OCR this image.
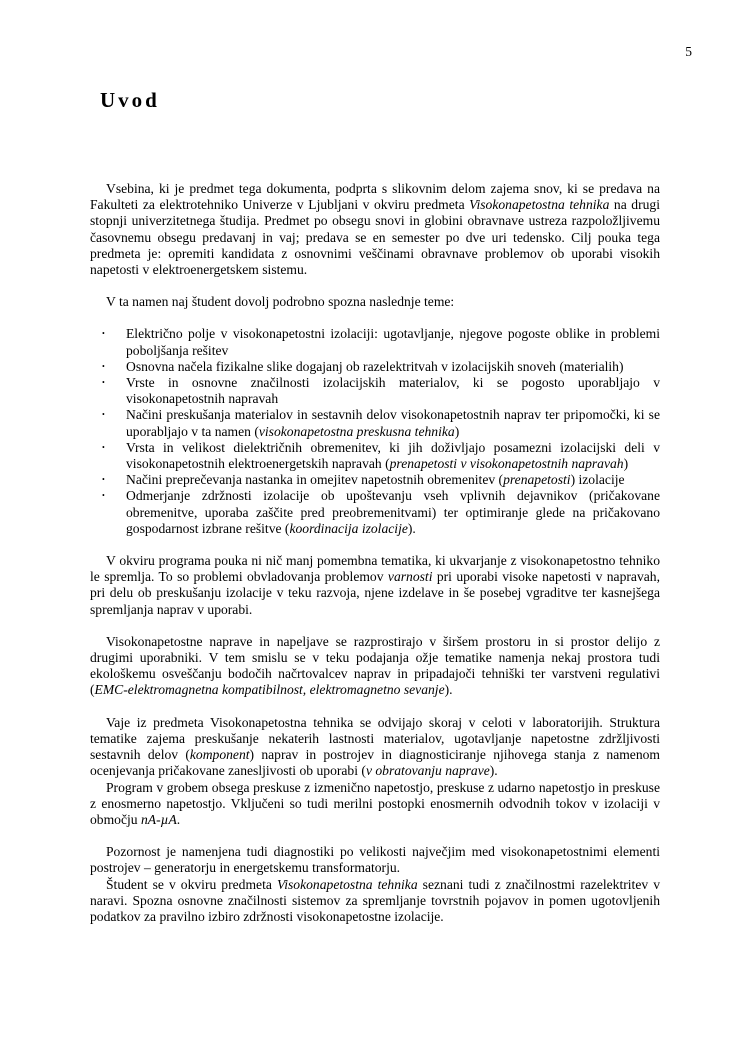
5
Uvod

Vsebina, ki je predmet tega dokumenta, podprta s slikovnim delom zajema snov, ki se predava na Fakulteti za elektrotehniko Univerze v Ljubljani v okviru predmeta Visokonapetostna tehnika na drugi stopnji univerzitetnega študija. Predmet po obsegu snovi in globini obravnave ustreza razpoložljivemu časovnemu obsegu predavanj in vaj; predava se en semester po dve uri tedensko. Cilj pouka tega predmeta je: opremiti kandidata z osnovnimi veščinami obravnave problemov ob uporabi visokih napetosti v elektroenergetskem sistemu.

V ta namen naj študent dovolj podrobno spozna naslednje teme:

• Električno polje v visokonapetostni izolaciji: ugotavljanje, njegove pogoste oblike in problemi poboljšanja rešitev
• Osnovna načela fizikalne slike dogajanj ob razelektritvah v izolacijskih snoveh (materialih)
• Vrste in osnovne značilnosti izolacijskih materialov, ki se pogosto uporabljajo v visokonapetostnih napravah
• Načini preskušanja materialov in sestavnih delov visokonapetostnih naprav ter pripomočki, ki se uporabljajo v ta namen (visokonapetostna preskusna tehnika)
• Vrsta in velikost dielektričnih obremenitev, ki jih doživljajo posamezni izolacijski deli v visokonapetostnih elektroenergetskih napravah (prenapetosti v visokonapetostnih napravah)
• Načini preprečevanja nastanka in omejitev napetostnih obremenitev (prenapetosti) izolacije
• Odmerjanje zdržnosti izolacije ob upoštevanju vseh vplivnih dejavnikov (pričakovane obremenitve, uporaba zaščite pred preobremenitvami) ter optimiranje glede na pričakovano gospodarnost izbrane rešitve (koordinacija izolacije).

V okviru programa pouka ni nič manj pomembna tematika, ki ukvarjanje z visokonapetostno tehniko le spremlja. To so problemi obvladovanja problemov varnosti pri uporabi visoke napetosti v napravah, pri delu ob preskušanju izolacije v teku razvoja, njene izdelave in še posebej vgraditve ter kasnejšega spremljanja naprav v uporabi.

Visokonapetostne naprave in napeljave se razprostirajo v širšem prostoru in si prostor delijo z drugimi uporabniki. V tem smislu se v teku podajanja ožje tematike namenja nekaj prostora tudi ekološkemu osveščanju bodočih načrtovalcev naprav in pripadajoči tehniški ter varstveni regulativi (EMC-elektromagnetna kompatibilnost, elektromagnetno sevanje).

Vaje iz predmeta Visokonapetostna tehnika se odvijajo skoraj v celoti v laboratorijih. Struktura tematike zajema preskušanje nekaterih lastnosti materialov, ugotavljanje napetostne zdržljivosti sestavnih delov (komponent) naprav in postrojev in diagnosticiranje njihovega stanja z namenom ocenjevanja pričakovane zanesljivosti ob uporabi (v obratovanju naprave).

Program v grobem obsega preskuse z izmenično napetostjo, preskuse z udarno napetostjo in preskuse z enosmerno napetostjo. Vključeni so tudi merilni postopki enosmernih odvodnih tokov v izolaciji v območju nA-µA.

Pozornost je namenjena tudi diagnostiki po velikosti največjim med visokonapetostnimi elementi postrojev – generatorju in energetskemu transformatorju.

Študent se v okviru predmeta Visokonapetostna tehnika seznani tudi z značilnostmi razelektritev v naravi. Spozna osnovne značilnosti sistemov za spremljanje tovrstnih pojavov in pomen ugotovljenih podatkov za pravilno izbiro zdržnosti visokonapetostne izolacije.
